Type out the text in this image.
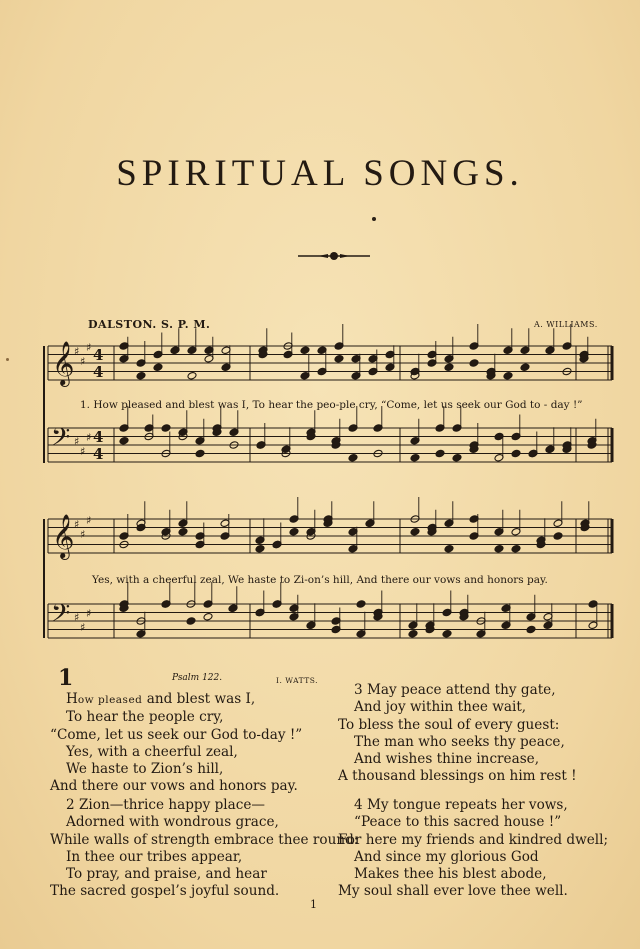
SPIRITUAL SONGS.
DALSTON. S. P. M.	A. WILLIAMS.
𝄞 ♯
♯
♯ 4
4
𝄢 ♯
♯
♯ 4
4
𝄞 ♯
♯
♯
𝄢 ♯
♯
♯
1. How pleased and blest was I, To hear the peo-ple cry, “Come, let us seek our God to - day !”
Yes, with a cheerful zeal, We haste to Zi-on’s hill, And there our vows and honors pay.
1	Psalm 122.	I. WATTS.
How pleased and blest was I,
To hear the people cry,
“Come, let us seek our God to-day !”
Yes, with a cheerful zeal,
We haste to Zion’s hill,
And there our vows and honors pay.
2 Zion—thrice happy place—
Adorned with wondrous grace,
While walls of strength embrace thee round:
In thee our tribes appear,
To pray, and praise, and hear
The sacred gospel’s joyful sound.
3 May peace attend thy gate,
And joy within thee wait,
To bless the soul of every guest:
The man who seeks thy peace,
And wishes thine increase,
A thousand blessings on him rest !
4 My tongue repeats her vows,
“Peace to this sacred house !”
For here my friends and kindred dwell;
And since my glorious God
Makes thee his blest abode,
My soul shall ever love thee well.
1
